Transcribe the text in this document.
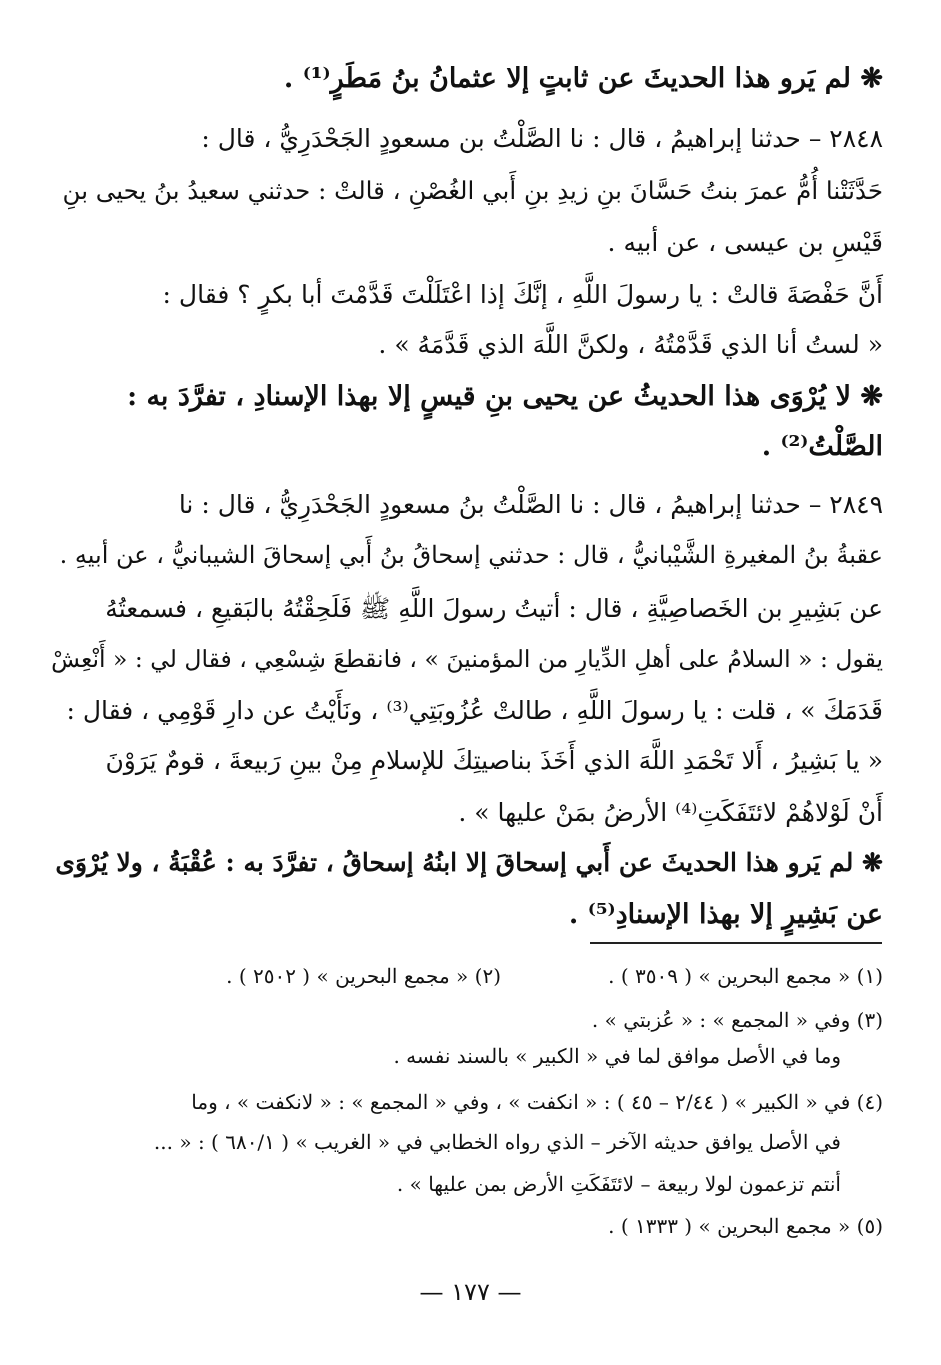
❋ لم يَرو هذا الحديثَ عن ثابتٍ إلا عثمانُ بنُ مَطَرٍ⁽¹⁾ .
٢٨٤٨ – حدثنا إبراهيمُ ، قال : نا الصَّلْتُ بن مسعودٍ الجَحْدَرِيُّ ، قال :
حَدَّثَتْنا أُمُّ عمرَ بنتُ حَسَّانَ بنِ زيدِ بنِ أَبي الغُصْنِ ، قالتْ : حدثني سعيدُ بنُ يحيى بنِ
قَيْسِ بن عيسى ، عن أبيه .
أَنَّ حَفْصَةَ قالتْ : يا رسولَ اللَّهِ ، إنَّكَ إذا اعْتَلَلْتَ قَدَّمْتَ أبا بكرٍ ؟ فقال :
« لستُ أنا الذي قَدَّمْتُهُ ، ولكنَّ اللَّهَ الذي قَدَّمَهُ » .
❋ لا يُرْوَى هذا الحديثُ عن يحيى بنِ قيسٍ إلا بهذا الإسنادِ ، تفرَّدَ به :
الصَّلْتُ⁽²⁾ .
٢٨٤٩ – حدثنا إبراهيمُ ، قال : نا الصَّلْتُ بنُ مسعودٍ الجَحْدَرِيُّ ، قال : نا
عقبةُ بنُ المغيرةِ الشَّيْبانيُّ ، قال : حدثني إسحاقُ بنُ أَبي إسحاقَ الشيبانيُّ ، عن أبيهِ .
عن بَشِيرِ بن الخَصاصِيَّةِ ، قال : أتيتُ رسولَ اللَّهِ ﷺ فَلَحِقْتُهُ بالبَقيعِ ، فسمعتُهُ
يقول : « السلامُ على أهلِ الدِّيارِ من المؤمنينَ » ، فانقطعَ شِسْعِي ، فقال لي : « أَنْعِشْ
قَدَمَكَ » ، قلت : يا رسولَ اللَّهِ ، طالتْ عُزُوبَتِي⁽³⁾ ، ونَأَيْتُ عن دارِ قَوْمِي ، فقال :
« يا بَشِيرُ ، أَلا تَحْمَدِ اللَّهَ الذي أَخَذَ بناصيتِكَ للإسلامِ مِنْ بينِ رَبيعةَ ، قومٌ يَرَوْنَ
أَنْ لَوْلاهُمْ لائتَفَكَتِ⁽⁴⁾ الأرضُ بمَنْ عليها » .
❋ لم يَرو هذا الحديثَ عن أَبي إسحاقَ إلا ابنُهُ إسحاقُ ، تفرَّدَ به : عُقْبَةُ ، ولا يُرْوَى
عن بَشِيرٍ إلا بهذا الإسنادِ⁽⁵⁾ .
(١) « مجمع البحرين » ( ٣٥٠٩ ) .
(٢) « مجمع البحرين » ( ٢٥٠٢ ) .
(٣) وفي « المجمع » : « عُزبتي » .
وما في الأصل موافق لما في « الكبير » بالسند نفسه .
(٤) في « الكبير » ( ٢/٤٤ – ٤٥ ) : « انكفت » ، وفي « المجمع » : « لانكفت » ، وما
في الأصل يوافق حديثه الآخر – الذي رواه الخطابي في « الغريب » ( ٦٨٠/١ ) : « ...
أنتم تزعمون لولا ربيعة – لائتَفَكَتِ الأرض بمن عليها » .
(٥) « مجمع البحرين » ( ١٣٣٣ ) .
— ١٧٧ —
